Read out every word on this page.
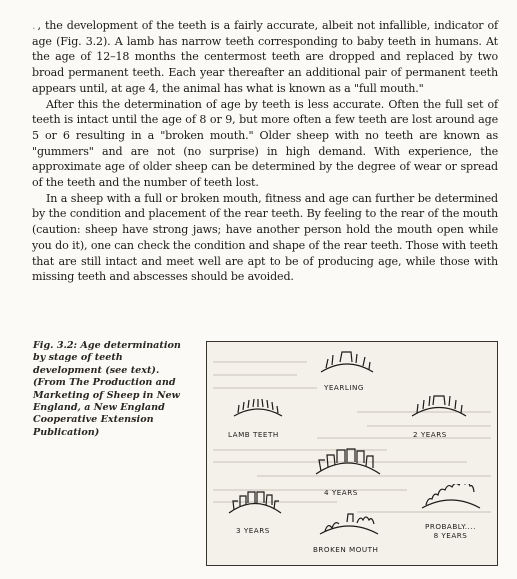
., the development of the teeth is a fairly accurate, albeit not infallible, indicator of age (Fig. 3.2). A lamb has narrow teeth corresponding to baby teeth in humans. At the age of 12–18 months the centermost teeth are dropped and replaced by two broad permanent teeth. Each year thereafter an additional pair of permanent teeth appears until, at age 4, the animal has what is known as a "full mouth."

After this the determination of age by teeth is less accurate. Often the full set of teeth is intact until the age of 8 or 9, but more often a few teeth are lost around age 5 or 6 resulting in a "broken mouth." Older sheep with no teeth are known as "gummers" and are not (no surprise) in high demand. With experience, the approximate age of older sheep can be determined by the degree of wear or spread of the teeth and the number of teeth lost.

In a sheep with a full or broken mouth, fitness and age can further be determined by the condition and placement of the rear teeth. By feeling to the rear of the mouth (caution: sheep have strong jaws; have another person hold the mouth open while you do it), one can check the condition and shape of the rear teeth. Those with teeth that are still intact and meet well are apt to be of producing age, while those with missing teeth and abscesses should be avoided.

Fig. 3.2: Age determination by stage of teeth development (see text). (From The Production and Marketing of Sheep in New England, a New England Cooperative Extension Publication)
YEARLING
LAMB TEETH	2 YEARS
4 YEARS
3 YEARS	PROBABLY....
8 YEARS
BROKEN MOUTH
